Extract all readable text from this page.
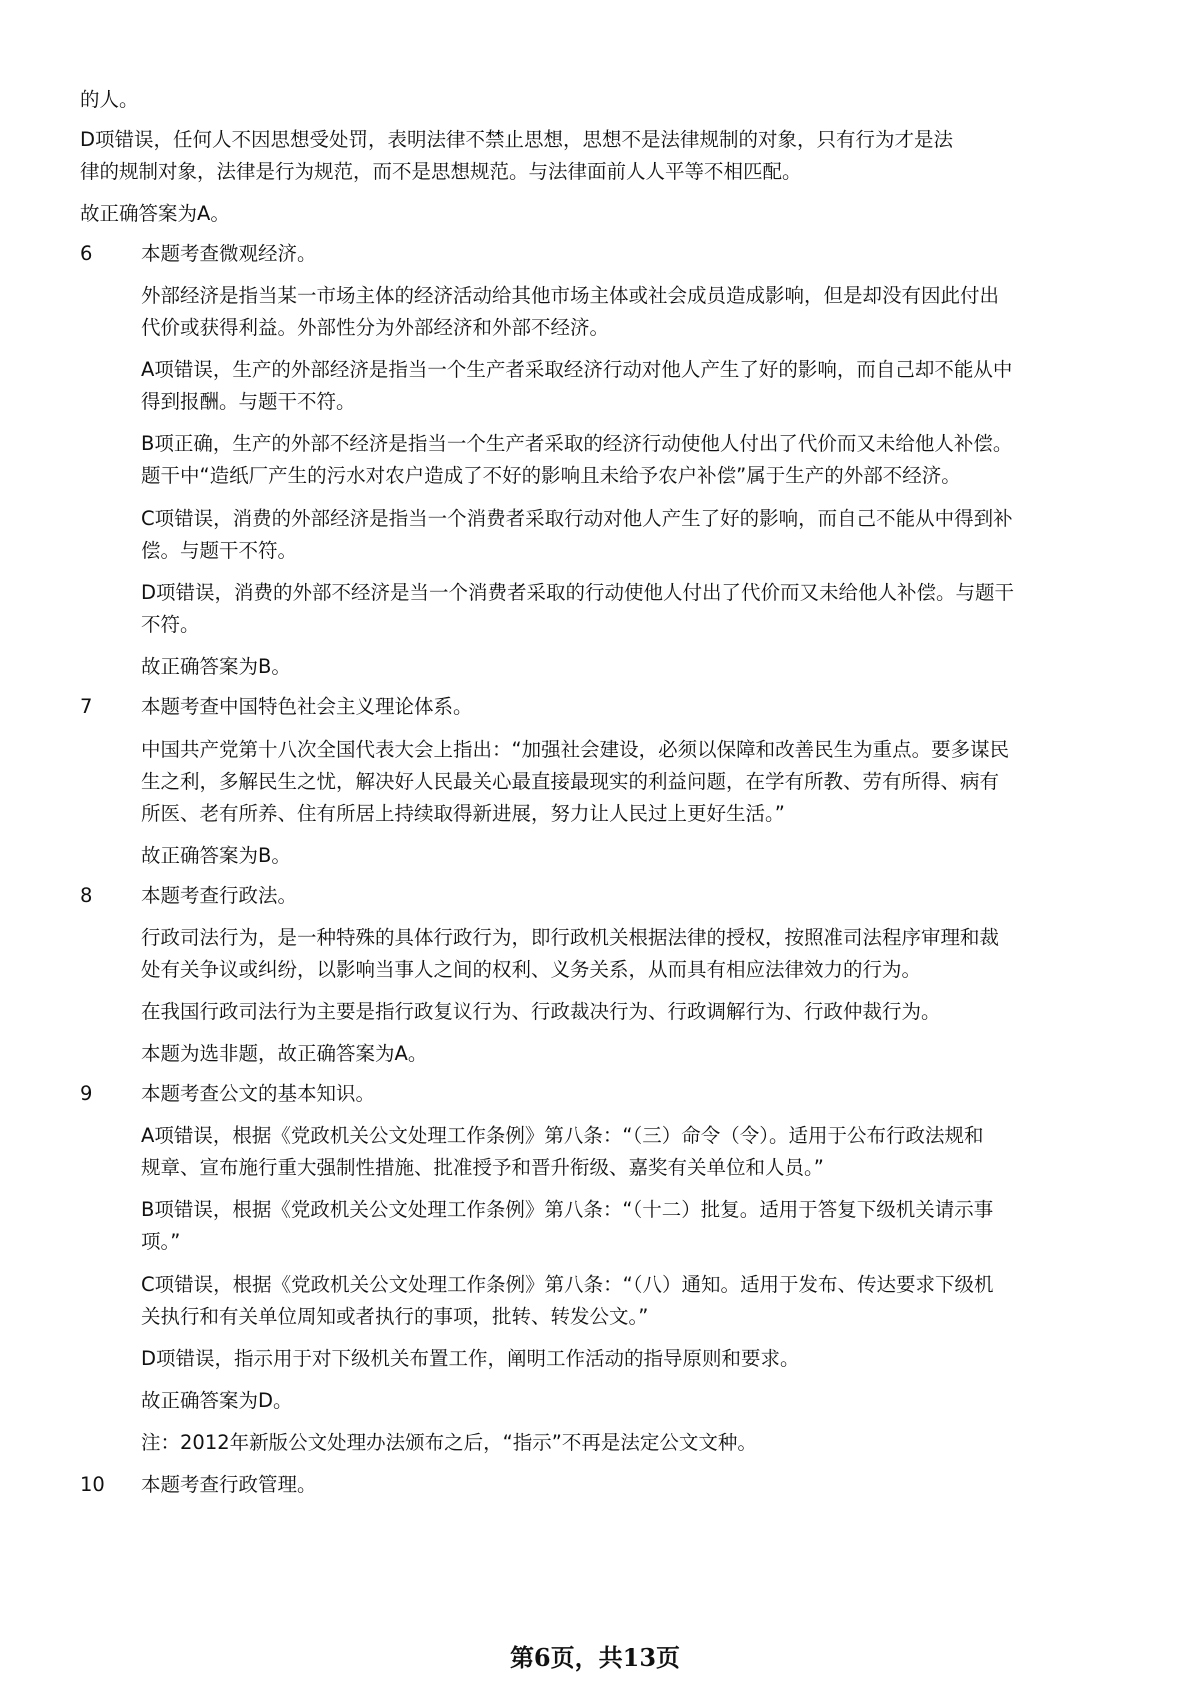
的人。

D项错误，任何人不因思想受处罚，表明法律不禁止思想，思想不是法律规制的对象，只有行为才是法

律的规制对象，法律是行为规范，而不是思想规范。与法律面前人人平等不相匹配。

故正确答案为A。

6 本题考查微观经济。

外部经济是指当某一市场主体的经济活动给其他市场主体或社会成员造成影响，但是却没有因此付出

代价或获得利益。外部性分为外部经济和外部不经济。

A项错误，生产的外部经济是指当一个生产者采取经济行动对他人产生了好的影响，而自己却不能从中

得到报酬。与题干不符。

B项正确，生产的外部不经济是指当一个生产者采取的经济行动使他人付出了代价而又未给他人补偿。

题干中“造纸厂产生的污水对农户造成了不好的影响且未给予农户补偿”属于生产的外部不经济。

C项错误，消费的外部经济是指当一个消费者采取行动对他人产生了好的影响，而自己不能从中得到补

偿。与题干不符。

D项错误，消费的外部不经济是当一个消费者采取的行动使他人付出了代价而又未给他人补偿。与题干

不符。

故正确答案为B。

7 本题考查中国特色社会主义理论体系。

中国共产党第十八次全国代表大会上指出：“加强社会建设，必须以保障和改善民生为重点。要多谋民

生之利，多解民生之忧，解决好人民最关心最直接最现实的利益问题，在学有所教、劳有所得、病有

所医、老有所养、住有所居上持续取得新进展，努力让人民过上更好生活。”

故正确答案为B。

8 本题考查行政法。

行政司法行为，是一种特殊的具体行政行为，即行政机关根据法律的授权，按照准司法程序审理和裁

处有关争议或纠纷，以影响当事人之间的权利、义务关系，从而具有相应法律效力的行为。

在我国行政司法行为主要是指行政复议行为、行政裁决行为、行政调解行为、行政仲裁行为。

本题为选非题，故正确答案为A。

9 本题考查公文的基本知识。

A项错误，根据《党政机关公文处理工作条例》第八条：“（三）命令（令）。适用于公布行政法规和

规章、宣布施行重大强制性措施、批准授予和晋升衔级、嘉奖有关单位和人员。”

B项错误，根据《党政机关公文处理工作条例》第八条：“（十二）批复。适用于答复下级机关请示事

项。”

C项错误，根据《党政机关公文处理工作条例》第八条：“（八）通知。适用于发布、传达要求下级机

关执行和有关单位周知或者执行的事项，批转、转发公文。”

D项错误，指示用于对下级机关布置工作，阐明工作活动的指导原则和要求。

故正确答案为D。

注：2012年新版公文处理办法颁布之后，“指示”不再是法定公文文种。

10 本题考查行政管理。

第6页，共13页
